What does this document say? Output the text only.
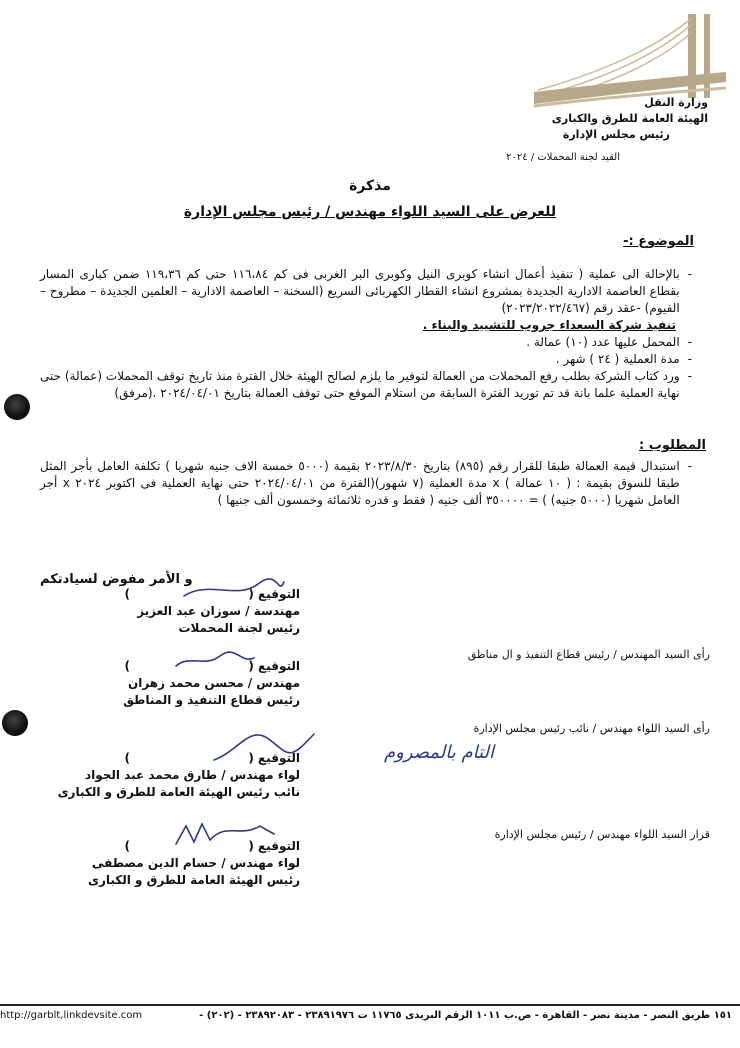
وزارة النقل
الهيئة العامة للطرق والكبارى
رئيس مجلس الإدارة
القيد لجنة المحملات / ٢٠٢٤
مذكرة
للعرض على السيد اللواء مهندس / رئيس مجلس الإدارة
الموضوع :-
-
بالإحالة الى عملية ( تنفيذ أعمال انشاء كوبرى النيل وكوبرى البر الغربى فى كم ١١٦،٨٤ حتى كم ١١٩،٣٦ ضمن كبارى المسار بقطاع العاصمة الادارية الجديدة بمشروع انشاء القطار الكهربائى السريع (السخنة – العاصمة الادارية – العلمين الجديدة – مطروح – الفيوم) -عقد رقم (٢٠٢٣/٢٠٢٢/٤٦٧)
تنفيذ شركة السعداء جروب للتشييد والبناء .
-
المحمل عليها عدد (١٠) عمالة .
-
مدة العملية ( ٢٤ ) شهر .
-
ورد كتاب الشركة بطلب رفع المحملات من العمالة لتوفير ما يلزم لصالح الهيئة خلال الفترة منذ تاريخ توقف المحملات (عمالة) حتى نهاية العملية علما بانة قد تم توريد الفترة السابقة من استلام الموقع حتى توقف العمالة بتاريخ ٢٠٢٤/٠٤/٠١ .(مرفق)
المطلوب :
-
استبدال قيمة العمالة طبقا للقرار رقم (٨٩٥) بتاريخ ٢٠٢٣/٨/٣٠ بقيمة (٥٠٠٠ خمسة الاف جنيه شهريا ) تكلفة العامل بأجر المثل طبقا للسوق بقيمة : ( ١٠ عمالة ) x مدة العملية (٧ شهور)(الفترة من ٢٠٢٤/٠٤/٠١ حتى نهاية العملية فى اكتوبر ٢٠٢٤ x أجر العامل شهريا (٥٠٠٠ جنيه) ) = ٣٥٠٠٠٠ ألف جنيه ( فقط و قدره ثلاثمائة وخمسون ألف جنيها )
و الأمر مفوض لسيادتكم
التوقيع (  )
مهندسة / سوزان عبد العزيز
رئيس لجنة المحملات
رأى السيد المهندس / رئيس قطاع التنفيذ و ال مناطق
التوقيع (  )
مهندس / محسن محمد زهران
رئيس قطاع التنفيذ و المناطق
رأى السيد اللواء مهندس / نائب رئيس مجلس الإدارة
التام بالمصروم
التوقيع (  )
لواء مهندس / طارق محمد عبد الجواد
نائب رئيس الهيئة العامة للطرق و الكبارى
قرار السيد اللواء مهندس / رئيس مجلس الإدارة
التوقيع (  )
لواء مهندس / حسام الدين مصطفى
رئيس الهيئة العامة للطرق و الكبارى
http://garblt,linkdevsite.com	١٥١ طريق النصر - مدينة نصر - القاهرة - ص.ب ١٠١١ الرقم البريدى ١١٧٦٥ ت ٢٣٨٩١٩٧٦ - ٢٣٨٩٢٠٨٣ - (٢٠٢) -
